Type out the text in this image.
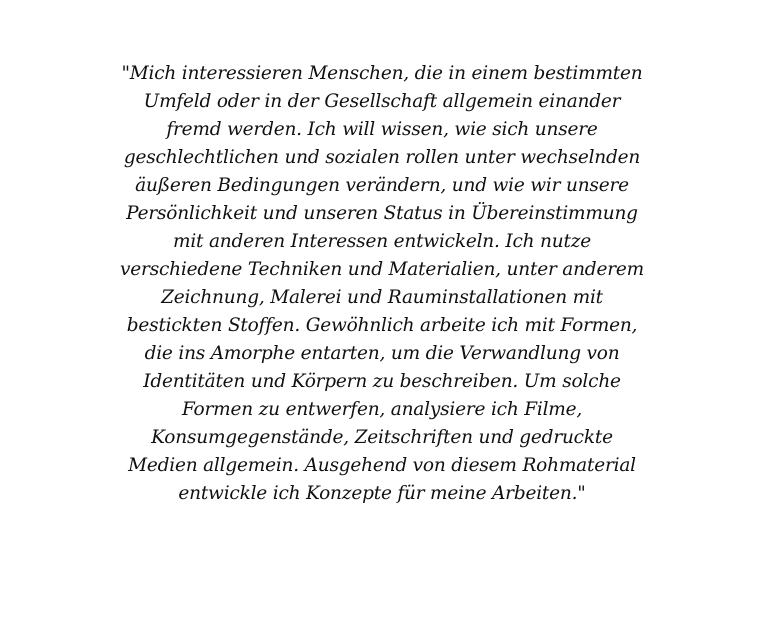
"Mich interessieren Menschen, die in einem bestimmten
Umfeld oder in der Gesellschaft allgemein einander
fremd werden. Ich will wissen, wie sich unsere
geschlechtlichen und sozialen rollen unter wechselnden
äußeren Bedingungen verändern, und wie wir unsere
Persönlichkeit und unseren Status in Übereinstimmung
mit anderen Interessen entwickeln. Ich nutze
verschiedene Techniken und Materialien, unter anderem
Zeichnung, Malerei und Rauminstallationen mit
bestickten Stoffen. Gewöhnlich arbeite ich mit Formen,
die ins Amorphe entarten, um die Verwandlung von
Identitäten und Körpern zu beschreiben. Um solche
Formen zu entwerfen, analysiere ich Filme,
Konsumgegenstände, Zeitschriften und gedruckte
Medien allgemein. Ausgehend von diesem Rohmaterial
entwickle ich Konzepte für meine Arbeiten."
